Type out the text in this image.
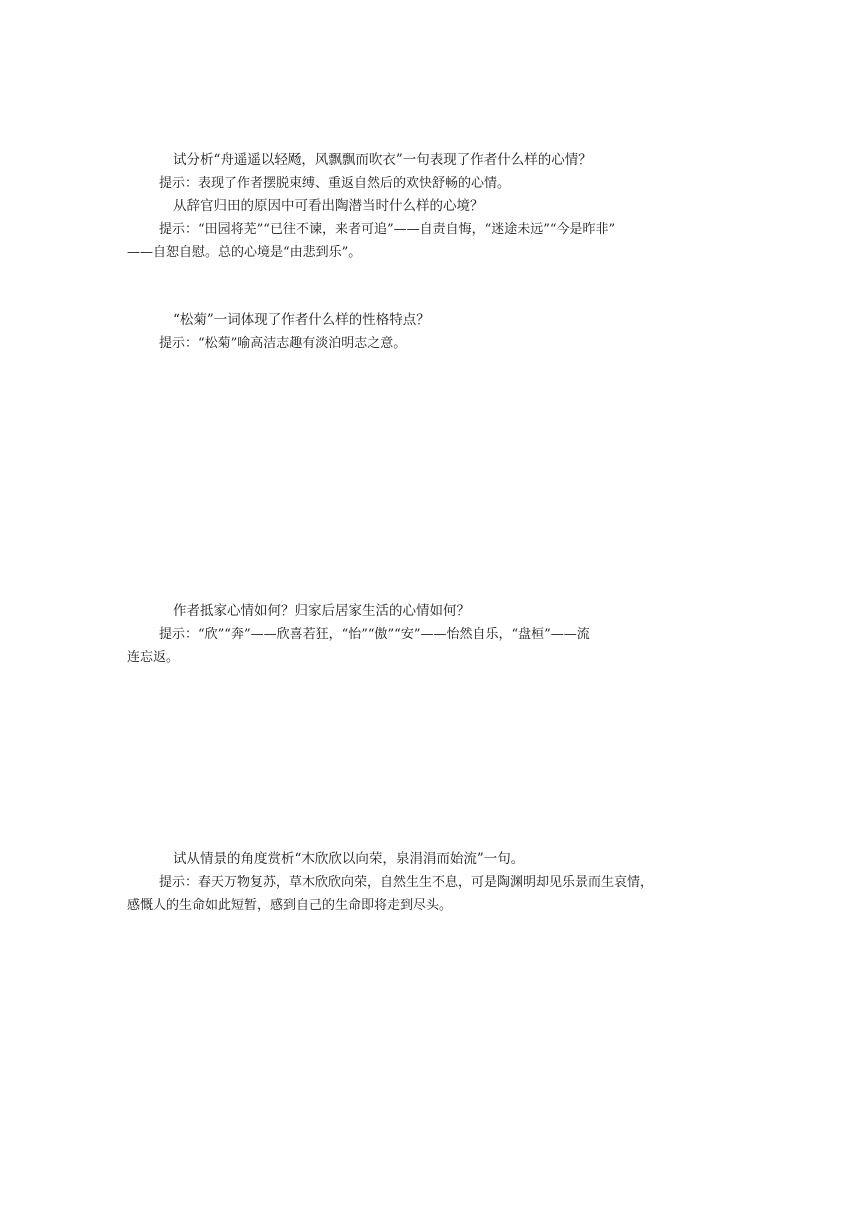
试分析“舟遥遥以轻飏，风飘飘而吹衣”一句表现了作者什么样的心情？
提示：表现了作者摆脱束缚、重返自然后的欢快舒畅的心情。
从辞官归田的原因中可看出陶潜当时什么样的心境？
提示：“田园将芜”“已往不谏，来者可追”——自责自悔，“迷途未远”“今是昨非”
——自恕自慰。总的心境是“由悲到乐”。
“松菊”一词体现了作者什么样的性格特点？
提示：“松菊”喻高洁志趣有淡泊明志之意。
作者抵家心情如何？归家后居家生活的心情如何？
提示：“欣”“奔”——欣喜若狂，“怡”“傲”“安”——怡然自乐，“盘桓”——流
连忘返。
试从情景的角度赏析“木欣欣以向荣，泉涓涓而始流”一句。
提示：春天万物复苏，草木欣欣向荣，自然生生不息，可是陶渊明却见乐景而生哀情，
感慨人的生命如此短暂，感到自己的生命即将走到尽头。
